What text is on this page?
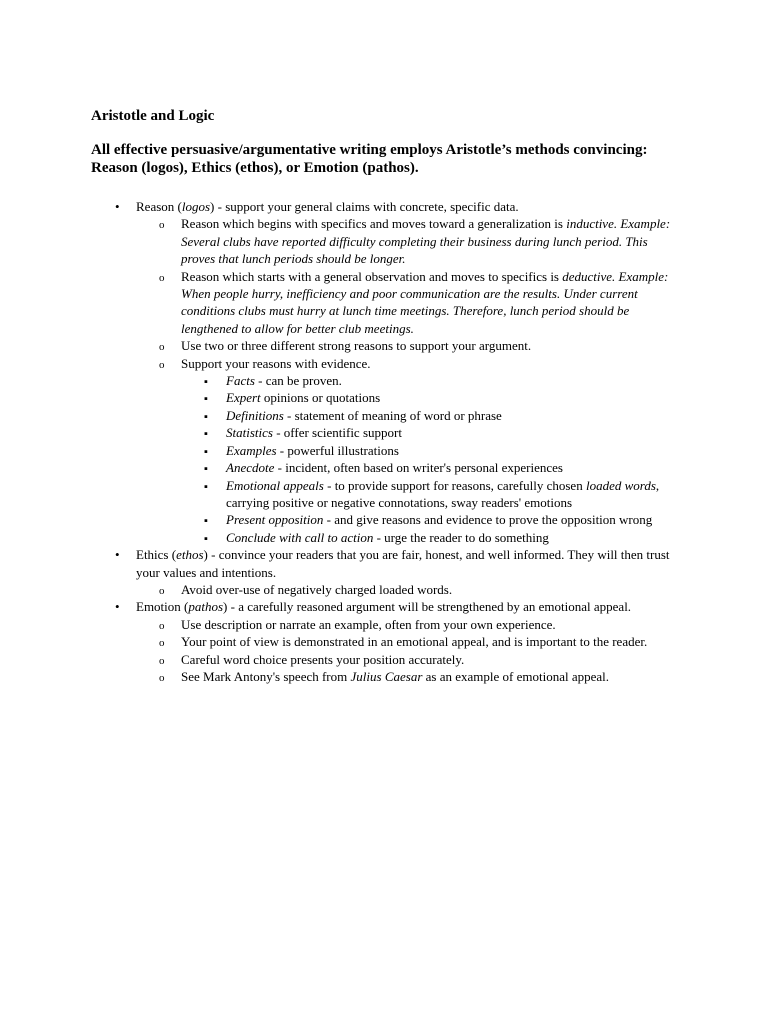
Aristotle and Logic

All effective persuasive/argumentative writing employs Aristotle’s methods convincing: Reason (logos), Ethics (ethos), or Emotion (pathos).

•
Reason (logos) - support your general claims with concrete, specific data.
o
Reason which begins with specifics and moves toward a generalization is inductive. Example: Several clubs have reported difficulty completing their business during lunch period. This proves that lunch periods should be longer.
o
Reason which starts with a general observation and moves to specifics is deductive. Example: When people hurry, inefficiency and poor communication are the results. Under current conditions clubs must hurry at lunch time meetings. Therefore, lunch period should be lengthened to allow for better club meetings.
o
Use two or three different strong reasons to support your argument.
o
Support your reasons with evidence.
▪
Facts - can be proven.
▪
Expert opinions or quotations
▪
Definitions - statement of meaning of word or phrase
▪
Statistics - offer scientific support
▪
Examples - powerful illustrations
▪
Anecdote - incident, often based on writer's personal experiences
▪
Emotional appeals - to provide support for reasons, carefully chosen loaded words, carrying positive or negative connotations, sway readers' emotions
▪
Present opposition - and give reasons and evidence to prove the opposition wrong
▪
Conclude with call to action - urge the reader to do something
•
Ethics (ethos) - convince your readers that you are fair, honest, and well informed. They will then trust your values and intentions.
o
Avoid over-use of negatively charged loaded words.
•
Emotion (pathos) - a carefully reasoned argument will be strengthened by an emotional appeal.
o
Use description or narrate an example, often from your own experience.
o
Your point of view is demonstrated in an emotional appeal, and is important to the reader.
o
Careful word choice presents your position accurately.
o
See Mark Antony's speech from Julius Caesar as an example of emotional appeal.
